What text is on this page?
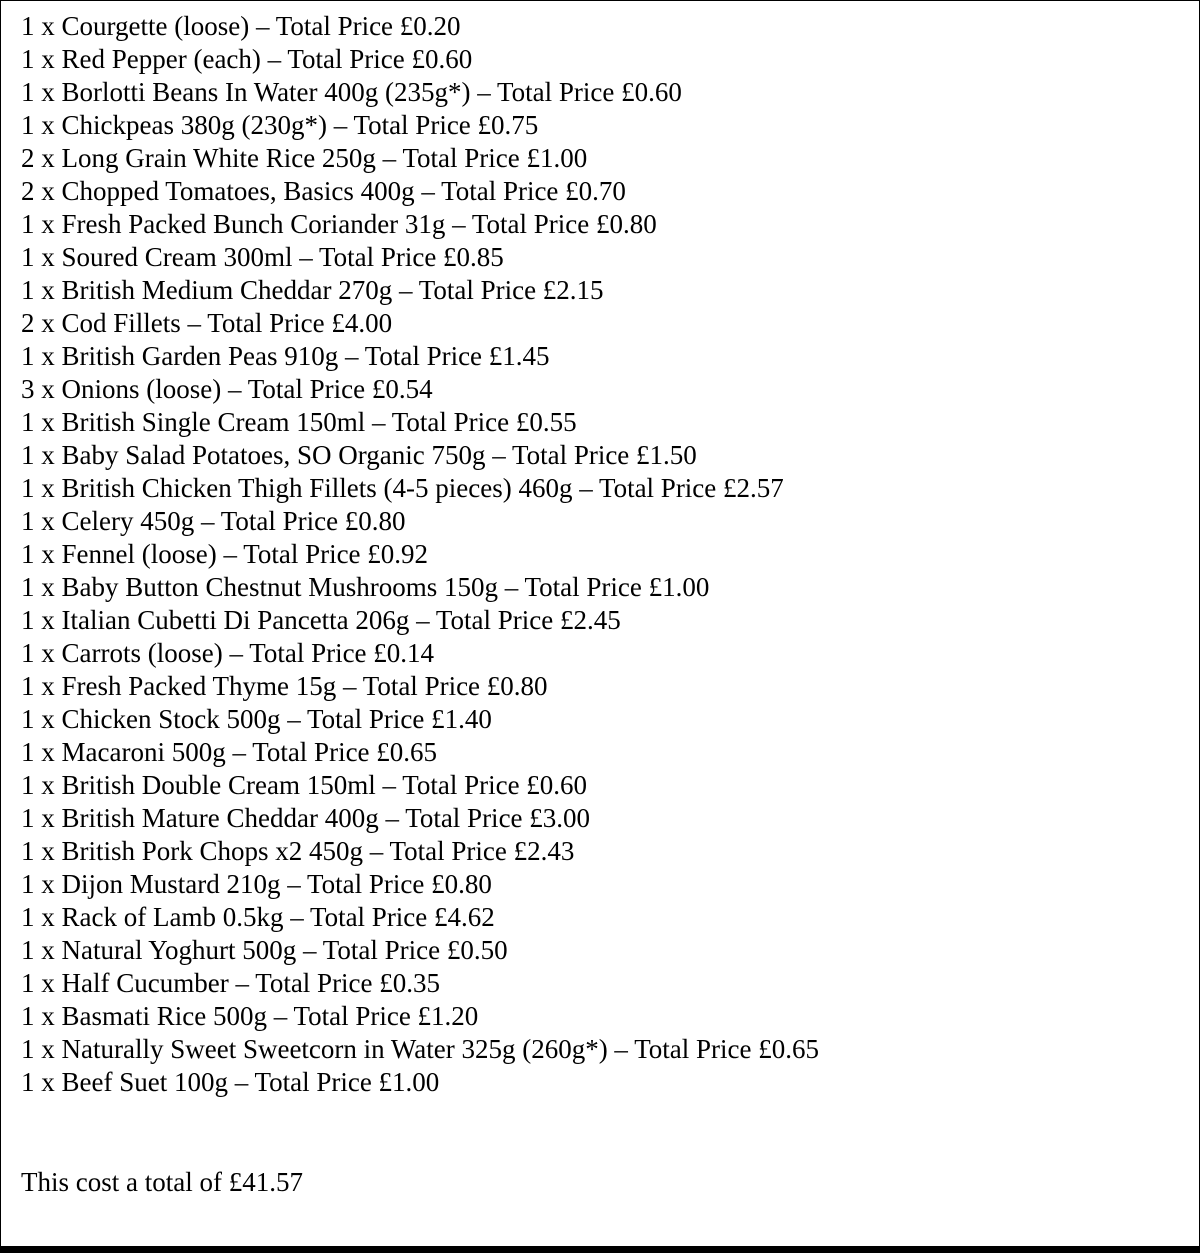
1 x Courgette (loose) – Total Price £0.20
1 x Red Pepper (each) – Total Price £0.60
1 x Borlotti Beans In Water 400g (235g*) – Total Price £0.60
1 x Chickpeas 380g (230g*) – Total Price £0.75
2 x Long Grain White Rice 250g – Total Price £1.00
2 x Chopped Tomatoes, Basics 400g – Total Price £0.70
1 x Fresh Packed Bunch Coriander 31g – Total Price £0.80
1 x Soured Cream 300ml – Total Price £0.85
1 x British Medium Cheddar 270g – Total Price £2.15
2 x Cod Fillets – Total Price £4.00
1 x British Garden Peas 910g – Total Price £1.45
3 x Onions (loose) – Total Price £0.54
1 x British Single Cream 150ml – Total Price £0.55
1 x Baby Salad Potatoes, SO Organic 750g – Total Price £1.50
1 x British Chicken Thigh Fillets (4-5 pieces) 460g – Total Price £2.57
1 x Celery 450g – Total Price £0.80
1 x Fennel (loose) – Total Price £0.92
1 x Baby Button Chestnut Mushrooms 150g – Total Price £1.00
1 x Italian Cubetti Di Pancetta 206g – Total Price £2.45
1 x Carrots (loose) – Total Price £0.14
1 x Fresh Packed Thyme 15g – Total Price £0.80
1 x Chicken Stock 500g – Total Price £1.40
1 x Macaroni 500g – Total Price £0.65
1 x British Double Cream 150ml – Total Price £0.60
1 x British Mature Cheddar 400g – Total Price £3.00
1 x British Pork Chops x2 450g – Total Price £2.43
1 x Dijon Mustard 210g – Total Price £0.80
1 x Rack of Lamb 0.5kg – Total Price £4.62
1 x Natural Yoghurt 500g – Total Price £0.50
1 x Half Cucumber – Total Price £0.35
1 x Basmati Rice 500g – Total Price £1.20
1 x Naturally Sweet Sweetcorn in Water 325g (260g*) – Total Price £0.65
1 x Beef Suet 100g – Total Price £1.00
This cost a total of £41.57
